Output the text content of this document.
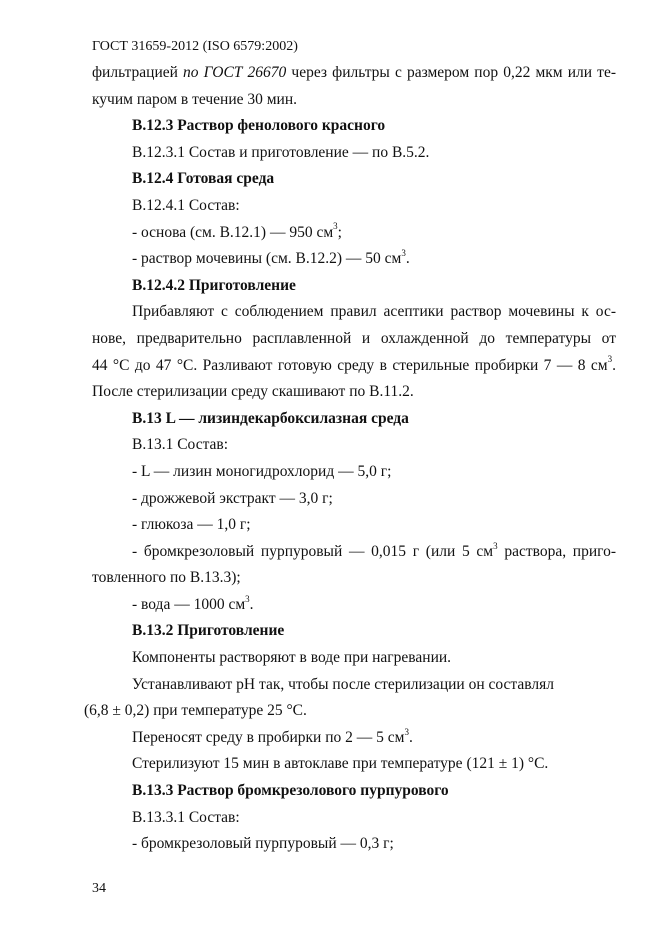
ГОСТ 31659-2012 (ISO 6579:2002)
фильтрацией по ГОСТ 26670 через фильтры с размером пор 0,22 мкм или те-
кучим паром в течение 30 мин.
В.12.3 Раствор фенолового красного
В.12.3.1 Состав и приготовление — по В.5.2.
В.12.4 Готовая среда
В.12.4.1 Состав:
- основа (см. В.12.1) — 950 $см^3$;
- раствор мочевины (см. В.12.2) — 50 $см^3$.
В.12.4.2 Приготовление
Прибавляют с соблюдением правил асептики раствор мочевины к ос-
нове, предварительно расплавленной и охлажденной до температуры от
44 °С до 47 °С. Разливают готовую среду в стерильные пробирки 7 — 8 $см^3$.
После стерилизации среду скашивают по В.11.2.
В.13 L — лизиндекарбоксилазная среда
В.13.1 Состав:
- L — лизин моногидрохлорид — 5,0 г;
- дрожжевой экстракт — 3,0 г;
- глюкоза — 1,0 г;
- бромкрезоловый пурпуровый — 0,015 г (или 5 $см^3$ раствора, приго-
товленного по В.13.3);
- вода — 1000 $см^3$.
В.13.2 Приготовление
Компоненты растворяют в воде при нагревании.
Устанавливают pH так, чтобы после стерилизации он составлял
(6,8 ± 0,2) при температуре 25 °С.
Переносят среду в пробирки по 2 — 5 $см^3$.
Стерилизуют 15 мин в автоклаве при температуре (121 ± 1) °С.
В.13.3 Раствор бромкрезолового пурпурового
В.13.3.1 Состав:
- бромкрезоловый пурпуровый — 0,3 г;
34
